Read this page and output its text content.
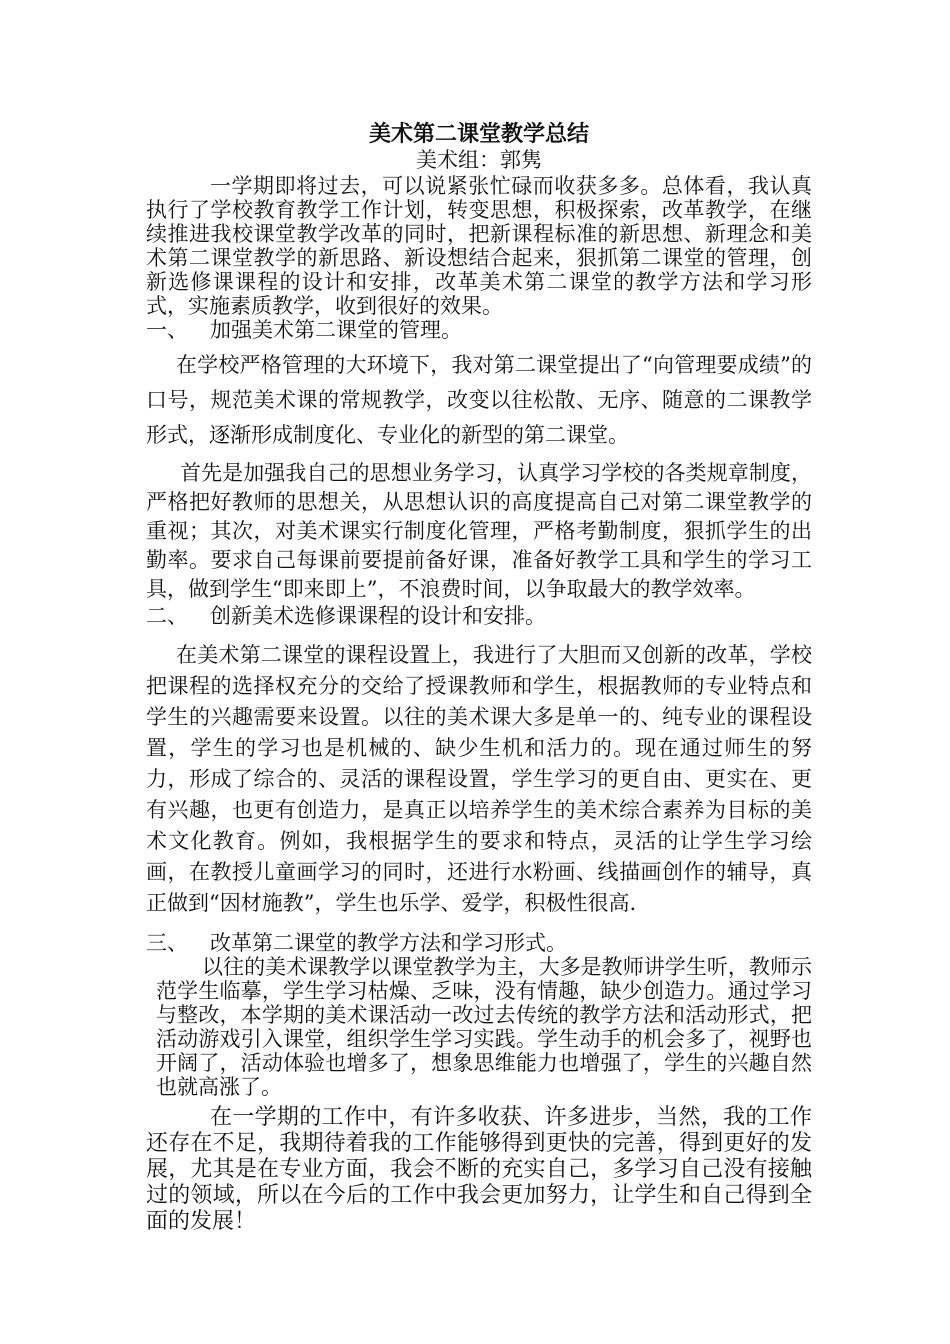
美术第二课堂教学总结
美术组：郭隽

一学期即将过去，可以说紧张忙碌而收获多多。总体看，我认真执行了学校教育教学工作计划，转变思想，积极探索，改革教学，在继续推进我校课堂教学改革的同时，把新课程标准的新思想、新理念和美术第二课堂教学的新思路、新设想结合起来，狠抓第二课堂的管理，创新选修课课程的设计和安排，改革美术第二课堂的教学方法和学习形式，实施素质教学，收到很好的效果。

一、 加强美术第二课堂的管理。

在学校严格管理的大环境下，我对第二课堂提出了“向管理要成绩”的口号，规范美术课的常规教学，改变以往松散、无序、随意的二课教学形式，逐渐形成制度化、专业化的新型的第二课堂。

首先是加强我自己的思想业务学习，认真学习学校的各类规章制度，严格把好教师的思想关，从思想认识的高度提高自己对第二课堂教学的重视；其次，对美术课实行制度化管理，严格考勤制度，狠抓学生的出勤率。要求自己每课前要提前备好课，准备好教学工具和学生的学习工具，做到学生“即来即上”，不浪费时间，以争取最大的教学效率。

二、 创新美术选修课课程的设计和安排。

在美术第二课堂的课程设置上，我进行了大胆而又创新的改革，学校把课程的选择权充分的交给了授课教师和学生，根据教师的专业特点和学生的兴趣需要来设置。以往的美术课大多是单一的、纯专业的课程设置，学生的学习也是机械的、缺少生机和活力的。现在通过师生的努力，形成了综合的、灵活的课程设置，学生学习的更自由、更实在、更有兴趣，也更有创造力，是真正以培养学生的美术综合素养为目标的美术文化教育。例如，我根据学生的要求和特点，灵活的让学生学习绘画，在教授儿童画学习的同时，还进行水粉画、线描画创作的辅导，真正做到“因材施教”，学生也乐学、爱学，积极性很高.

三、 改革第二课堂的教学方法和学习形式。

以往的美术课教学以课堂教学为主，大多是教师讲学生听，教师示范学生临摹，学生学习枯燥、乏味，没有情趣，缺少创造力。通过学习与整改，本学期的美术课活动一改过去传统的教学方法和活动形式，把活动游戏引入课堂，组织学生学习实践。学生动手的机会多了，视野也开阔了，活动体验也增多了，想象思维能力也增强了，学生的兴趣自然也就高涨了。

在一学期的工作中，有许多收获、许多进步，当然，我的工作还存在不足，我期待着我的工作能够得到更快的完善，得到更好的发展，尤其是在专业方面，我会不断的充实自己，多学习自己没有接触过的领域，所以在今后的工作中我会更加努力，让学生和自己得到全面的发展！
